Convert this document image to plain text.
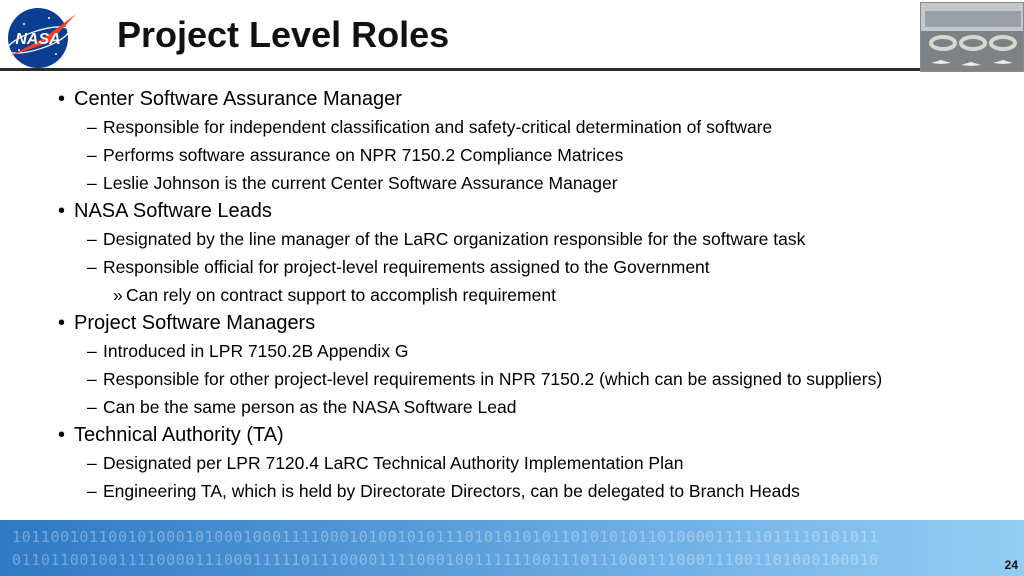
NASA Project Level Roles
• Center Software Assurance Manager
– Responsible for independent classification and safety-critical determination of software
– Performs software assurance on NPR 7150.2 Compliance Matrices
– Leslie Johnson is the current Center Software Assurance Manager
• NASA Software Leads
– Designated by the line manager of the LaRC organization responsible for the software task
– Responsible official for project-level requirements assigned to the Government
» Can rely on contract support to accomplish requirement
• Project Software Managers
– Introduced in LPR 7150.2B Appendix G
– Responsible for other project-level requirements in NPR 7150.2 (which can be assigned to suppliers)
– Can be the same person as the NASA Software Lead
• Technical Authority (TA)
– Designated per LPR 7120.4 LaRC Technical Authority Implementation Plan
– Engineering TA, which is held by Directorate Directors, can be delegated to Branch Heads
101100101100101000101000100011110001010010101110101010101101010101101000011111011110101011
011011001001111000011100011111011100001111000100111111001110111000111000111001101000100010	24
